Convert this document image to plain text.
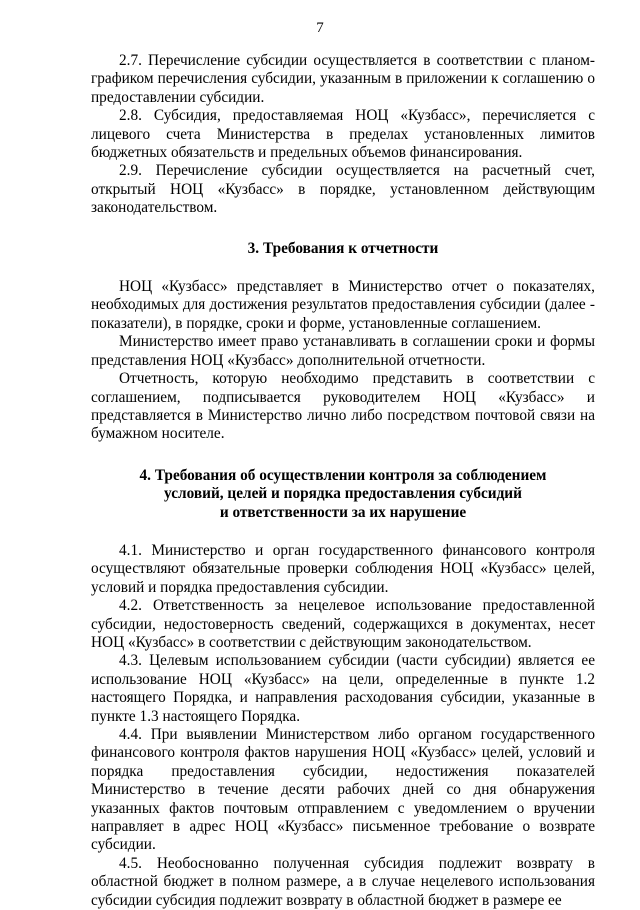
7

2.7. Перечисление субсидии осуществляется в соответствии с планом-графиком перечисления субсидии, указанным в приложении к соглашению о предоставлении субсидии.

2.8. Субсидия, предоставляемая НОЦ «Кузбасс», перечисляется с лицевого счета Министерства в пределах установленных лимитов бюджетных обязательств и предельных объемов финансирования.

2.9. Перечисление субсидии осуществляется на расчетный счет, открытый НОЦ «Кузбасс» в порядке, установленном действующим законодательством.

3. Требования к отчетности

НОЦ «Кузбасс» представляет в Министерство отчет о показателях, необходимых для достижения результатов предоставления субсидии (далее - показатели), в порядке, сроки и форме, установленные соглашением.

Министерство имеет право устанавливать в соглашении сроки и формы представления НОЦ «Кузбасс» дополнительной отчетности.

Отчетность, которую необходимо представить в соответствии с соглашением, подписывается руководителем НОЦ «Кузбасс» и представляется в Министерство лично либо посредством почтовой связи на бумажном носителе.

4. Требования об осуществлении контроля за соблюдением
условий, целей и порядка предоставления субсидий
и ответственности за их нарушение

4.1. Министерство и орган государственного финансового контроля осуществляют обязательные проверки соблюдения НОЦ «Кузбасс» целей, условий и порядка предоставления субсидии.

4.2. Ответственность за нецелевое использование предоставленной субсидии, недостоверность сведений, содержащихся в документах, несет НОЦ «Кузбасс» в соответствии с действующим законодательством.

4.3. Целевым использованием субсидии (части субсидии) является ее использование НОЦ «Кузбасс» на цели, определенные в пункте 1.2 настоящего Порядка, и направления расходования субсидии, указанные в пункте 1.3 настоящего Порядка.

4.4. При выявлении Министерством либо органом государственного финансового контроля фактов нарушения НОЦ «Кузбасс» целей, условий и порядка предоставления субсидии, недостижения показателей Министерство в течение десяти рабочих дней со дня обнаружения указанных фактов почтовым отправлением с уведомлением о вручении направляет в адрес НОЦ «Кузбасс» письменное требование о возврате субсидии.

4.5. Необоснованно полученная субсидия подлежит возврату в областной бюджет в полном размере, а в случае нецелевого использования субсидии субсидия подлежит возврату в областной бюджет в размере ее
